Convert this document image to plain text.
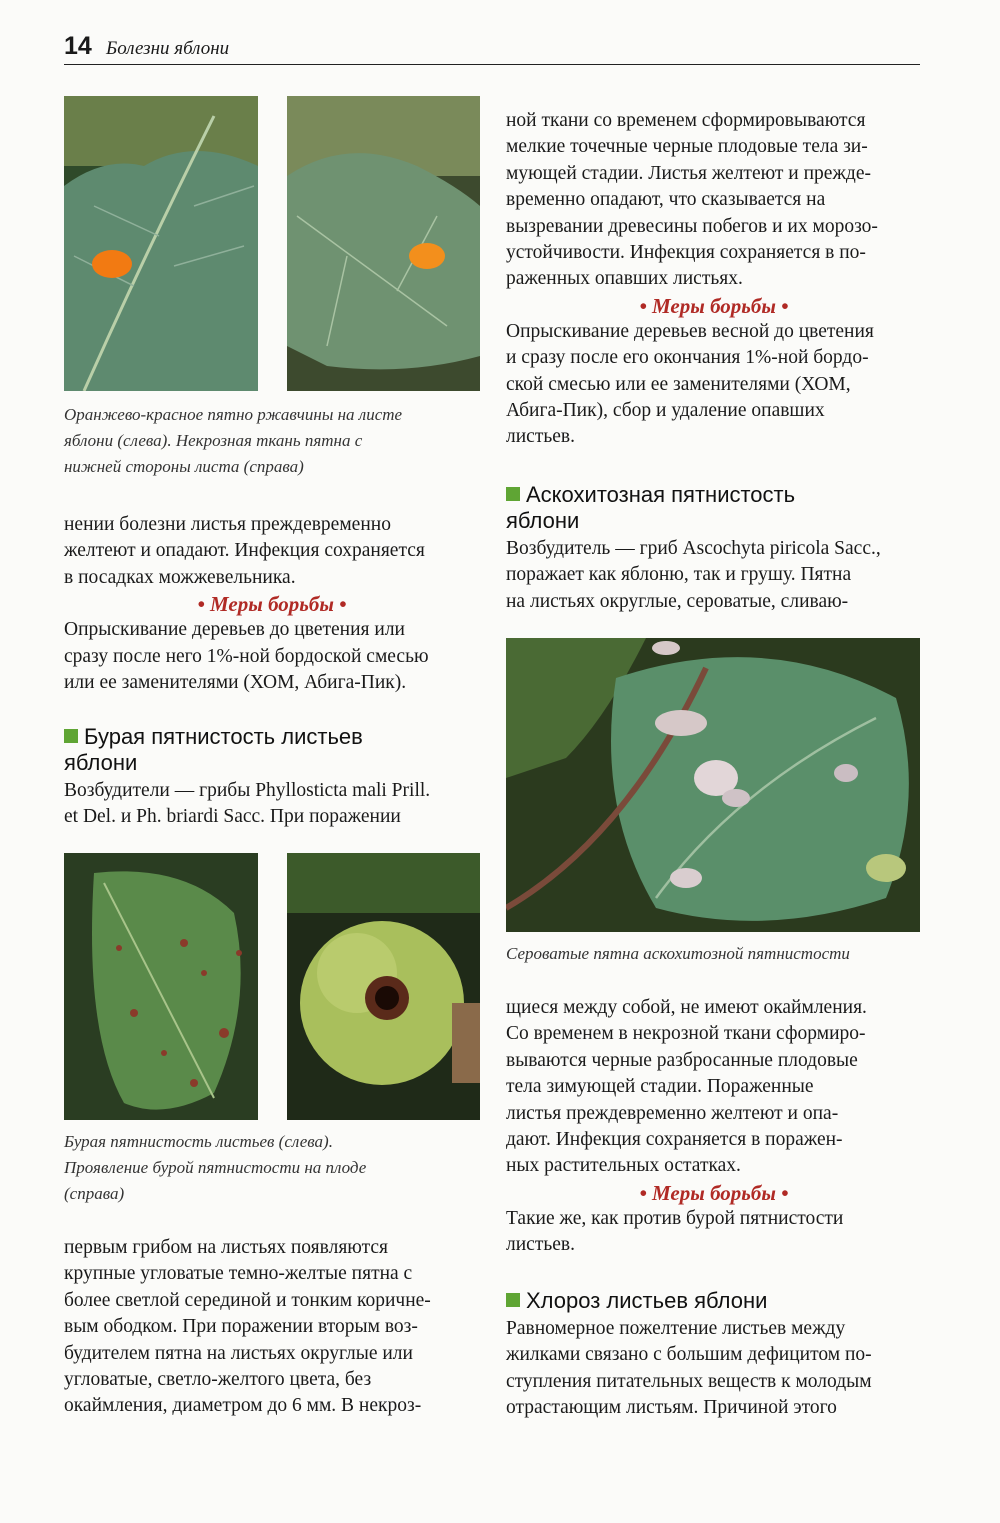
14 Болезни яблони

Оранжево-красное пятно ржавчины на листе

яблони (слева). Некрозная ткань пятна с

нижней стороны листа (справа)

нении болезни листья преждевременно

желтеют и опадают. Инфекция сохраняется

в посадках можжевельника.

• Меры борьбы •

Опрыскивание деревьев до цветения или

сразу после него 1%-ной бордоской смесью

или ее заменителями (ХОМ, Абига-Пик).

Бурая пятнистость листьев

яблони

Возбудители — грибы Phyllosticta mali Prill.

et Del. и Ph. briardi Sacc. При поражении

Бурая пятнистость листьев (слева).

Проявление бурой пятнистости на плоде

(справа)

первым грибом на листьях появляются

крупные угловатые темно-желтые пятна с

более светлой серединой и тонким коричне-

вым ободком. При поражении вторым воз-

будителем пятна на листьях округлые или

угловатые, светло-желтого цвета, без

окаймления, диаметром до 6 мм. В некроз-

ной ткани со временем сформировываются

мелкие точечные черные плодовые тела зи-

мующей стадии. Листья желтеют и прежде-

временно опадают, что сказывается на

вызревании древесины побегов и их морозо-

устойчивости. Инфекция сохраняется в по-

раженных опавших листьях.

• Меры борьбы •

Опрыскивание деревьев весной до цветения

и сразу после его окончания 1%-ной бордо-

ской смесью или ее заменителями (ХОМ,

Абига-Пик), сбор и удаление опавших

листьев.

Аскохитозная пятнистость

яблони

Возбудитель — гриб Ascochyta piricola Sacc.,

поражает как яблоню, так и грушу. Пятна

на листьях округлые, сероватые, сливаю-

Сероватые пятна аскохитозной пятнистости

щиеся между собой, не имеют окаймления.

Со временем в некрозной ткани сформиро-

вываются черные разбросанные плодовые

тела зимующей стадии. Пораженные

листья преждевременно желтеют и опа-

дают. Инфекция сохраняется в поражен-

ных растительных остатках.

• Меры борьбы •

Такие же, как против бурой пятнистости

листьев.

Хлороз листьев яблони

Равномерное пожелтение листьев между

жилками связано с большим дефицитом по-

ступления питательных веществ к молодым

отрастающим листьям. Причиной этого
